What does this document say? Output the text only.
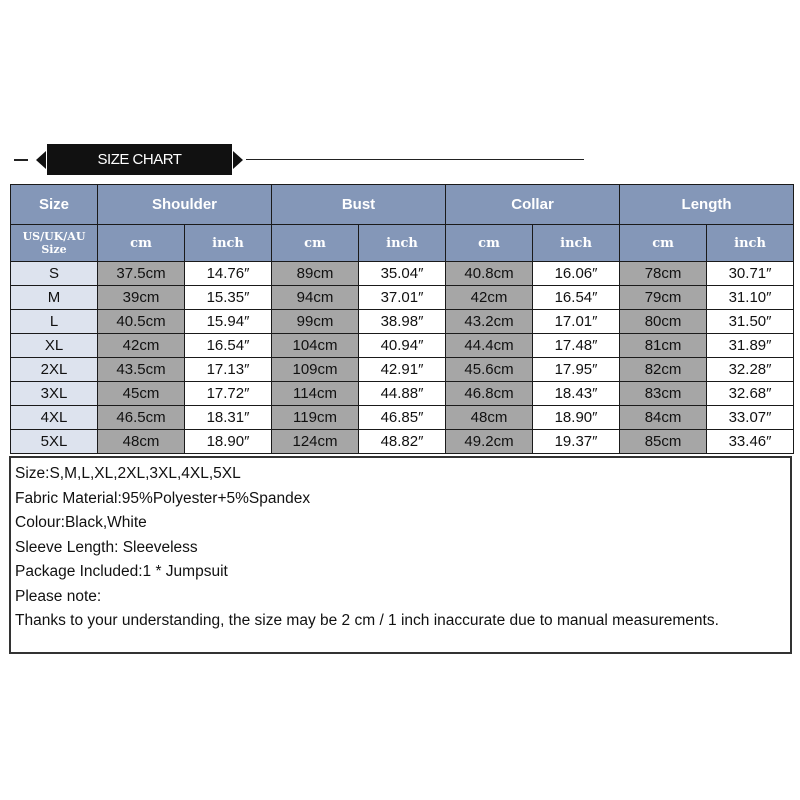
SIZE CHART
Size	Shoulder		Bust		Collar		Length	

US/UK/AU
Size	cm	inch	cm	inch	cm	inch	cm	inch
S	37.5cm	14.76″	89cm	35.04″	40.8cm	16.06″	78cm	30.71″
M	39cm	15.35″	94cm	37.01″	42cm	16.54″	79cm	31.10″
L	40.5cm	15.94″	99cm	38.98″	43.2cm	17.01″	80cm	31.50″
XL	42cm	16.54″	104cm	40.94″	44.4cm	17.48″	81cm	31.89″
2XL	43.5cm	17.13″	109cm	42.91″	45.6cm	17.95″	82cm	32.28″
3XL	45cm	17.72″	114cm	44.88″	46.8cm	18.43″	83cm	32.68″
4XL	46.5cm	18.31″	119cm	46.85″	48cm	18.90″	84cm	33.07″
5XL	48cm	18.90″	124cm	48.82″	49.2cm	19.37″	85cm	33.46″
Size:S,M,L,XL,2XL,3XL,4XL,5XL
Fabric Material:95%Polyester+5%Spandex
Colour:Black,White
Sleeve Length: Sleeveless
Package Included:1 * Jumpsuit
Please note:
Thanks to your understanding, the size may be 2 cm / 1 inch inaccurate due to manual measurements.
